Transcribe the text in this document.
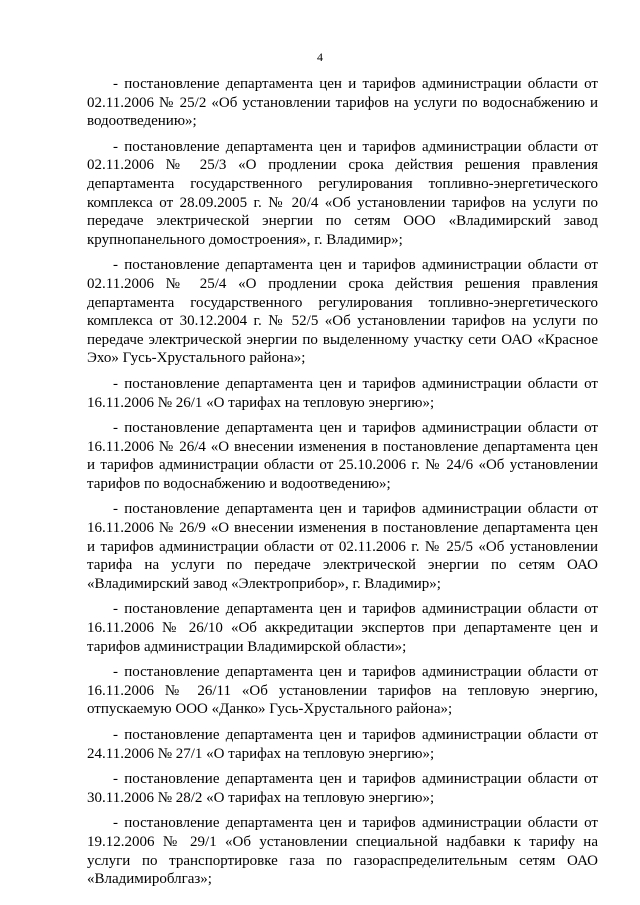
4

- постановление департамента цен и тарифов администрации области от 02.11.2006 № 25/2 «Об установлении тарифов на услуги по водоснабжению и водоотведению»;

- постановление департамента цен и тарифов администрации области от 02.11.2006 № 25/3 «О продлении срока действия решения правления департамента государственного регулирования топливно-энергетического комплекса от 28.09.2005 г. № 20/4 «Об установлении тарифов на услуги по передаче электрической энергии по сетям ООО «Владимирский завод крупнопанельного домостроения», г. Владимир»;

- постановление департамента цен и тарифов администрации области от 02.11.2006 № 25/4 «О продлении срока действия решения правления департамента государственного регулирования топливно-энергетического комплекса от 30.12.2004 г. № 52/5 «Об установлении тарифов на услуги по передаче электрической энергии по выделенному участку сети ОАО «Красное Эхо» Гусь-Хрустального района»;

- постановление департамента цен и тарифов администрации области от 16.11.2006 № 26/1 «О тарифах на тепловую энергию»;

- постановление департамента цен и тарифов администрации области от 16.11.2006 № 26/4 «О внесении изменения в постановление департамента цен и тарифов администрации области от 25.10.2006 г. № 24/6 «Об установлении тарифов по водоснабжению и водоотведению»;

- постановление департамента цен и тарифов администрации области от 16.11.2006 № 26/9 «О внесении изменения в постановление департамента цен и тарифов администрации области от 02.11.2006 г. № 25/5 «Об установлении тарифа на услуги по передаче электрической энергии по сетям ОАО «Владимирский завод «Электроприбор», г. Владимир»;

- постановление департамента цен и тарифов администрации области от 16.11.2006 № 26/10 «Об аккредитации экспертов при департаменте цен и тарифов администрации Владимирской области»;

- постановление департамента цен и тарифов администрации области от 16.11.2006 № 26/11 «Об установлении тарифов на тепловую энергию, отпускаемую ООО «Данко» Гусь-Хрустального района»;

- постановление департамента цен и тарифов администрации области от 24.11.2006 № 27/1 «О тарифах на тепловую энергию»;

- постановление департамента цен и тарифов администрации области от 30.11.2006 № 28/2 «О тарифах на тепловую энергию»;

- постановление департамента цен и тарифов администрации области от 19.12.2006 № 29/1 «Об установлении специальной надбавки к тарифу на услуги по транспортировке газа по газораспределительным сетям ОАО «Владимироблгаз»;
